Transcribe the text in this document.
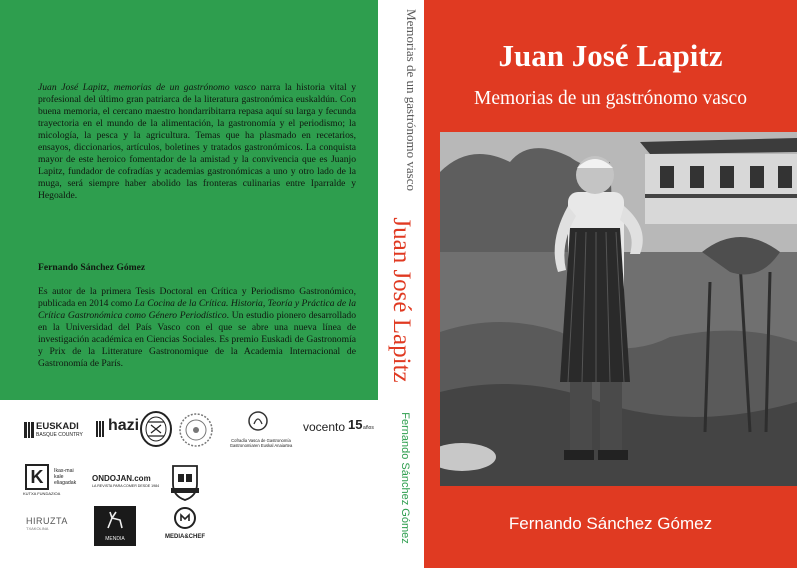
Juan José Lapitz, memorias de un gastrónomo vasco narra la historia vital y profesional del último gran patriarca de la literatura gastronómica euskaldún. Con buena memoria, el cercano maestro hondarribitarra repasa aquí su larga y fecunda trayectoria en el mundo de la alimentación, la gastronomía y el periodismo; la micología, la pesca y la agricultura. Temas que ha plasmado en recetarios, ensayos, diccionarios, artículos, boletines y tratados gastronómicos. La conquista mayor de este heroico fomentador de la amistad y la convivencia que es Juanjo Lapitz, fundador de cofradías y academias gastronómicas a uno y otro lado de la muga, será siempre haber abolido las fronteras culinarias entre Iparralde y Hegoalde.

Fernando Sánchez Gómez
Es autor de la primera Tesis Doctoral en Crítica y Periodismo Gastronómico, publicada en 2014 como La Cocina de la Crítica. Historia, Teoría y Práctica de la Crítica Gastronómica como Género Periodístico. Un estudio pionero desarrollado en la Universidad del País Vasco con el que se abre una nueva línea de investigación académica en Ciencias Sociales. Es premio Euskadi de Gastronomía y Prix de la Litterature Gastronomique de la Academia Internacional de Gastronomía de París.
EUSKADI
BASQUE COUNTRY
hazi
Cofradía Vasca de Gastronomía
Gastronomiaren Euskal Anaiartea
vocento 15 años
K
KUTXA FUNDAZIOA
Ikas-mai kale eliagadak	ONDOJAN.com
LA REVISTA PARA COMER DESDE 1984
HIRUZTA
TXAKOLINA
MENDIA	MEDIA&CHEF
Memorias de un gastrónomo vasco
Juan José Lapitz
Fernando Sánchez Gómez
Juan José Lapitz
Memorias de un gastrónomo vasco
Fernando Sánchez Gómez
